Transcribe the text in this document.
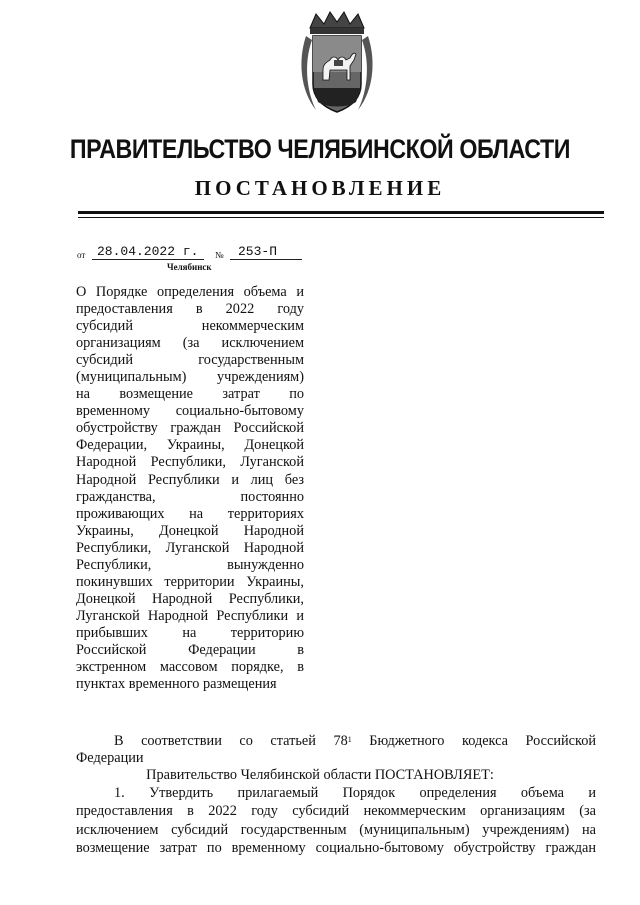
ПРАВИТЕЛЬСТВО ЧЕЛЯБИНСКОЙ ОБЛАСТИ
ПОСТАНОВЛЕНИЕ
от 28.04.2022 г. № 253-П
Челябинск
О Порядке определения объема и
предоставления в 2022 году
субсидий некоммерческим
организациям (за исключением
субсидий государственным
(муниципальным) учреждениям)
на возмещение затрат по
временному социально-бытовому
обустройству граждан Российской
Федерации, Украины, Донецкой
Народной Республики, Луганской
Народной Республики и лиц без
гражданства, постоянно
проживающих на территориях
Украины, Донецкой Народной
Республики, Луганской Народной
Республики, вынужденно
покинувших территории Украины,
Донецкой Народной Республики,
Луганской Народной Республики и
прибывших на территорию
Российской Федерации в
экстренном массовом порядке, в
пунктах временного размещения
В соответствии со статьей $78^1$ Бюджетного кодекса Российской
Федерации
Правительство Челябинской области ПОСТАНОВЛЯЕТ:
1. Утвердить прилагаемый Порядок определения объема и
предоставления в 2022 году субсидий некоммерческим организациям (за
исключением субсидий государственным (муниципальным) учреждениям) на
возмещение затрат по временному социально-бытовому обустройству граждан
